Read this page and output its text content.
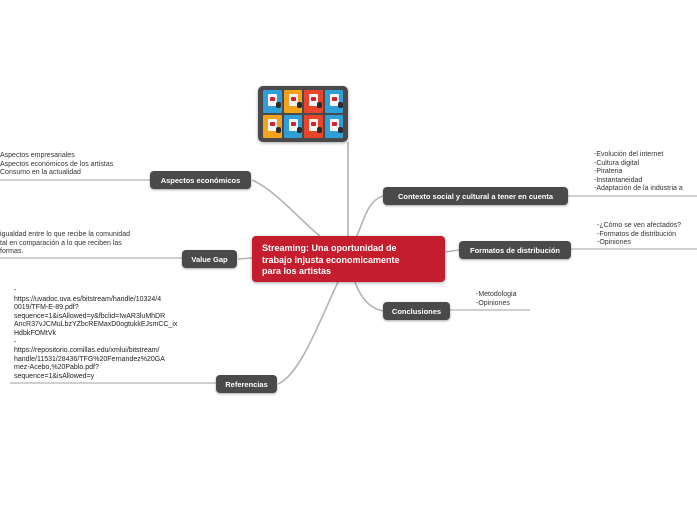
Streaming: Una oportunidad de
trabajo injusta economicamente
para los artistas
Aspectos económicos
Aspectos empresariales
Aspectos económicos de los artistas
Consumo en la actualidad
Value Gap
igualdad entre lo que recibe la comunidad
tal en comparación a lo que reciben las
formas.
Referencias
-
https://uvadoc.uva.es/bitstream/handle/10324/4
0019/TFM-E-89.pdf?
sequence=1&isAllowed=y&fbclid=IwAR3luMhDR
AncR37vJCMuLbzYZbcREMaxD0ogtukkEJsmCC_ix
HdbkFOMtVk
-
https://repositorio.comillas.edu/xmlui/bitstream/
handle/11531/28436/TFG%20Fernandez%20GA
mez-Acebo,%20Pablo.pdf?
sequence=1&isAllowed=y
Contexto social y cultural a tener en cuenta
-Evolución del internet
-Cultura digital
-Pirateria
-Instantaneidad
-Adaptación de la industria a
Formatos de distribución
-¿Cómo se ven afectados?
-Formatos de distribución
-Opiniones
Conclusiones
-Metodologia
-Opiniones
